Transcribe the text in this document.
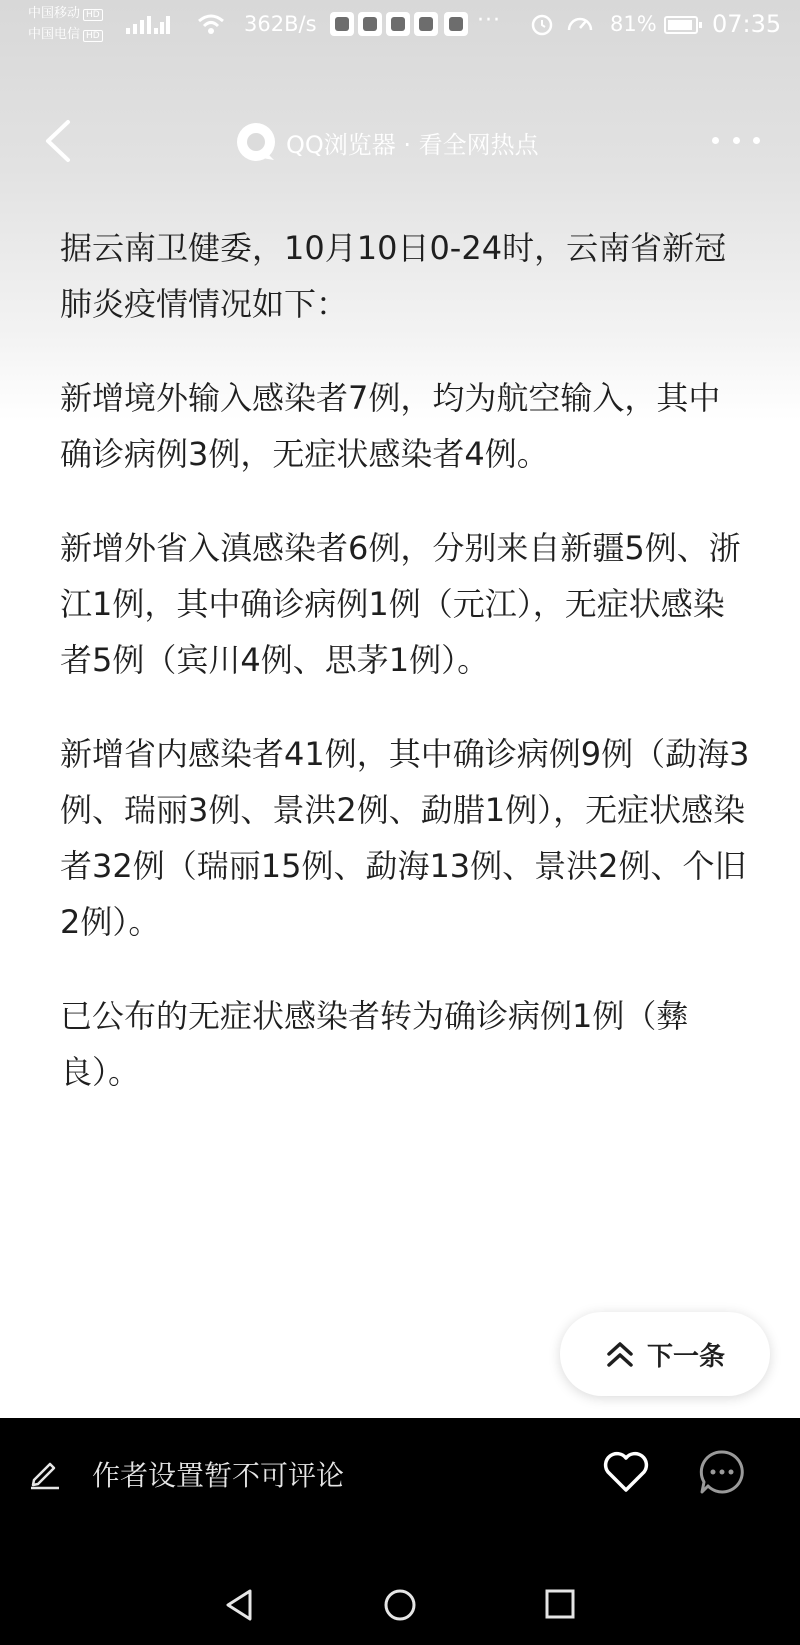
中国移动 HD
中国电信 HD	362B/s	···	81% 07:35
QQ浏览器 · 看全网热点

据云南卫健委，10月10日0-24时，云南省新冠肺炎疫情情况如下：

新增境外输入感染者7例，均为航空输入，其中确诊病例3例，无症状感染者4例。

新增外省入滇感染者6例，分别来自新疆5例、浙江1例，其中确诊病例1例（元江），无症状感染者5例（宾川4例、思茅1例）。

新增省内感染者41例，其中确诊病例9例（勐海3例、瑞丽3例、景洪2例、勐腊1例），无症状感染者32例（瑞丽15例、勐海13例、景洪2例、个旧2例）。

已公布的无症状感染者转为确诊病例1例（彝良）。

下一条
作者设置暂不可评论
